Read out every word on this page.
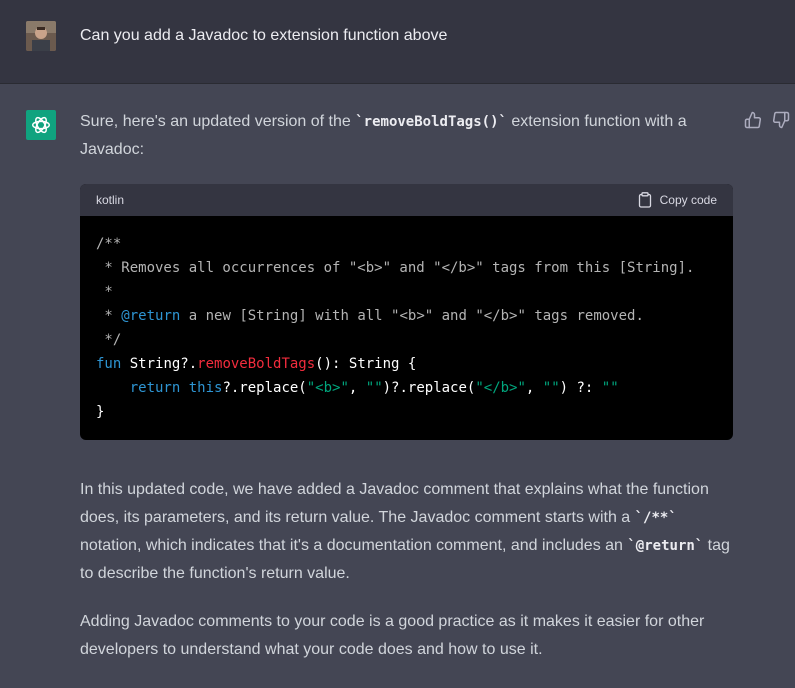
Can you add a Javadoc to extension function above
Sure, here's an updated version of the `removeBoldTags()` extension function with a Javadoc:
kotlin	Copy code
/**
* Removes all occurrences of "<b>" and "</b>" tags from this [String].
*
* @return a new [String] with all "<b>" and "</b>" tags removed.
*/
fun String?.removeBoldTags(): String {
return this?.replace("<b>", "")?.replace("</b>", "") ?: ""
}
In this updated code, we have added a Javadoc comment that explains what the function does, its parameters, and its return value. The Javadoc comment starts with a `/**` notation, which indicates that it's a documentation comment, and includes an `@return` tag to describe the function's return value.
Adding Javadoc comments to your code is a good practice as it makes it easier for other developers to understand what your code does and how to use it.
